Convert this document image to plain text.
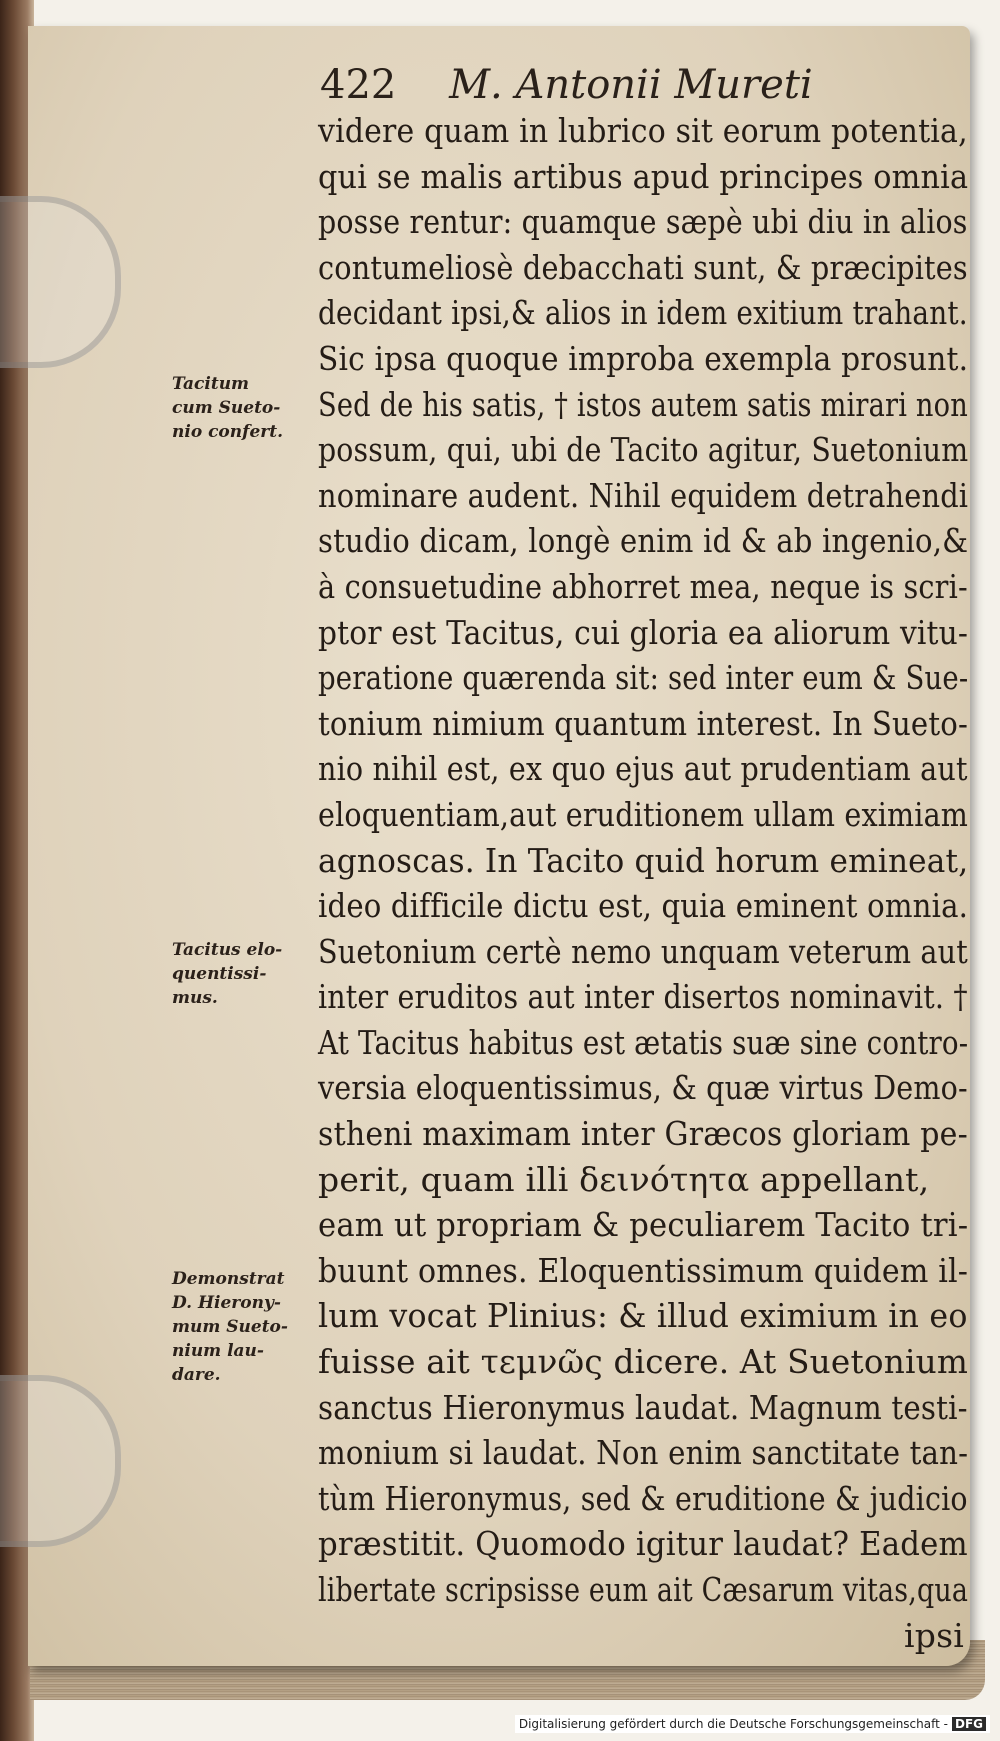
422 M. Antonii Mureti
videre quam in lubrico sit eorum potentia,
qui se malis artibus apud principes omnia
posse rentur: quamque sæpè ubi diu in alios
contumeliosè debacchati sunt, & præcipites
decidant ipsi,& alios in idem exitium trahant.
Sic ipsa quoque improba exempla prosunt.
Sed de his satis, † istos autem satis mirari non
possum, qui, ubi de Tacito agitur, Suetonium
nominare audent. Nihil equidem detrahendi
studio dicam, longè enim id & ab ingenio,&
à consuetudine abhorret mea, neque is scri-
ptor est Tacitus, cui gloria ea aliorum vitu-
peratione quærenda sit: sed inter eum & Sue-
tonium nimium quantum interest. In Sueto-
nio nihil est, ex quo ejus aut prudentiam aut
eloquentiam,aut eruditionem ullam eximiam
agnoscas. In Tacito quid horum emineat,
ideo difficile dictu est, quia eminent omnia.
Suetonium certè nemo unquam veterum aut
inter eruditos aut inter disertos nominavit. †
At Tacitus habitus est ætatis suæ sine contro-
versia eloquentissimus, & quæ virtus Demo-
stheni maximam inter Græcos gloriam pe-
perit, quam illi δεινότητα appellant,
eam ut propriam & peculiarem Tacito tri-
buunt omnes. Eloquentissimum quidem il-
lum vocat Plinius: & illud eximium in eo
fuisse ait τεμνῶς dicere. At Suetonium
sanctus Hieronymus laudat. Magnum testi-
monium si laudat. Non enim sanctitate tan-
tùm Hieronymus, sed & eruditione & judicio
præstitit. Quomodo igitur laudat? Eadem
libertate scripsisse eum ait Cæsarum vitas,qua
ipsi
Tacitum
cum Sueto-
nio confert.
Tacitus elo-
quentissi-
mus.
Demonstrat
D. Hierony-
mum Sueto-
nium lau-
dare.
Digitalisierung gefördert durch die Deutsche Forschungsgemeinschaft - DFG
